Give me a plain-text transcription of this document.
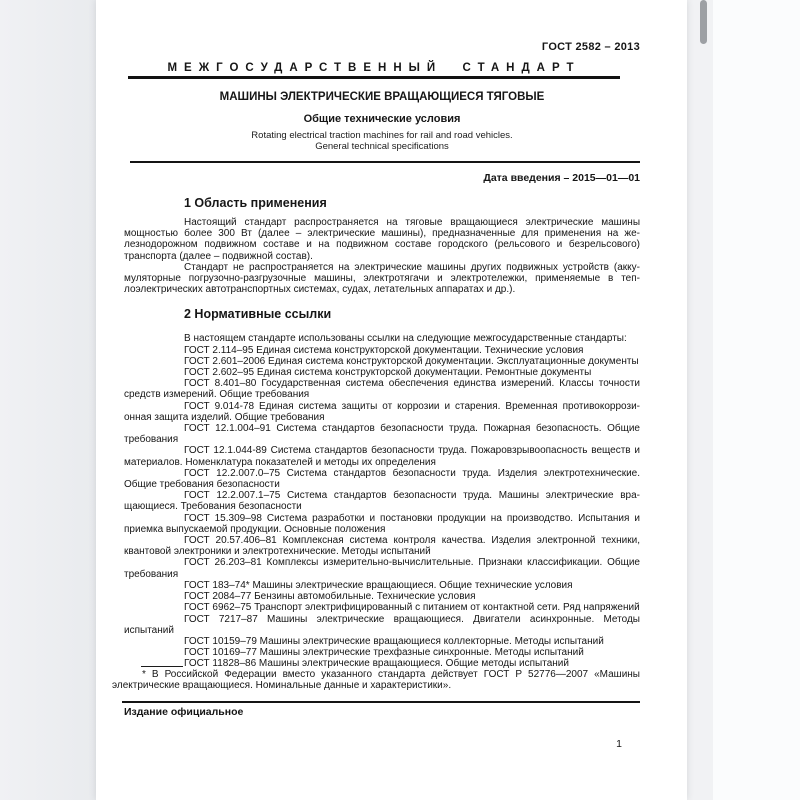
ГОСТ 2582 – 2013
МЕЖГОСУДАРСТВЕННЫЙ  СТАНДАРТ
МАШИНЫ ЭЛЕКТРИЧЕСКИЕ ВРАЩАЮЩИЕСЯ ТЯГОВЫЕ
Общие технические условия
Rotating electrical traction machines for rail and road vehicles.
General technical specifications
Дата введения – 2015—01—01
1 Область применения

Настоящий стандарт распространяется на тяговые вращающиеся электрические машины мощностью более 300 Вт (далее – электрические машины), предназначенные для применения на железнодорожном подвижном составе и на подвижном составе городского (рельсового и безрельсового) транспорта (далее – подвижной состав).

Стандарт не распространяется на электрические машины других подвижных устройств (аккумуляторные погрузочно-разгрузочные машины, электротягачи и электротележки, применяемые в теплоэлектрических автотранспортных системах, судах, летательных аппаратах и др.).

2 Нормативные ссылки

В настоящем стандарте использованы ссылки на следующие межгосударственные стандарты:

ГОСТ 2.114–95 Единая система конструкторской документации. Технические условия

ГОСТ 2.601–2006 Единая система конструкторской документации. Эксплуатационные документы

ГОСТ 2.602–95 Единая система конструкторской документации. Ремонтные документы

ГОСТ 8.401–80 Государственная система обеспечения единства измерений. Классы точности средств измерений. Общие требования

ГОСТ 9.014-78 Единая система защиты от коррозии и старения. Временная противокоррозионная защита изделий. Общие требования

ГОСТ 12.1.004–91 Система стандартов безопасности труда. Пожарная безопасность. Общие требования

ГОСТ 12.1.044-89 Система стандартов безопасности труда. Пожаровзрывоопасность веществ и материалов. Номенклатура показателей и методы их определения

ГОСТ 12.2.007.0–75 Система стандартов безопасности труда. Изделия электротехнические. Общие требования безопасности

ГОСТ 12.2.007.1–75 Система стандартов безопасности труда. Машины электрические вращающиеся. Требования безопасности

ГОСТ 15.309–98 Система разработки и постановки продукции на производство. Испытания и приемка выпускаемой продукции. Основные положения

ГОСТ 20.57.406–81 Комплексная система контроля качества. Изделия электронной техники, квантовой электроники и электротехнические. Методы испытаний

ГОСТ 26.203–81 Комплексы измерительно-вычислительные. Признаки классификации. Общие требования

ГОСТ 183–74* Машины электрические вращающиеся. Общие технические условия

ГОСТ 2084–77 Бензины автомобильные. Технические условия

ГОСТ 6962–75 Транспорт электрифицированный с питанием от контактной сети. Ряд напряжений

ГОСТ 7217–87 Машины электрические вращающиеся. Двигатели асинхронные. Методы испытаний

ГОСТ 10159–79 Машины электрические вращающиеся коллекторные. Методы испытаний

ГОСТ 10169–77 Машины электрические трехфазные синхронные. Методы испытаний

ГОСТ 11828–86 Машины электрические вращающиеся. Общие методы испытаний

* В Российской Федерации вместо указанного стандарта действует ГОСТ Р 52776—2007 «Машины электрические вращающиеся. Номинальные данные и характеристики».

Издание официальное
1
